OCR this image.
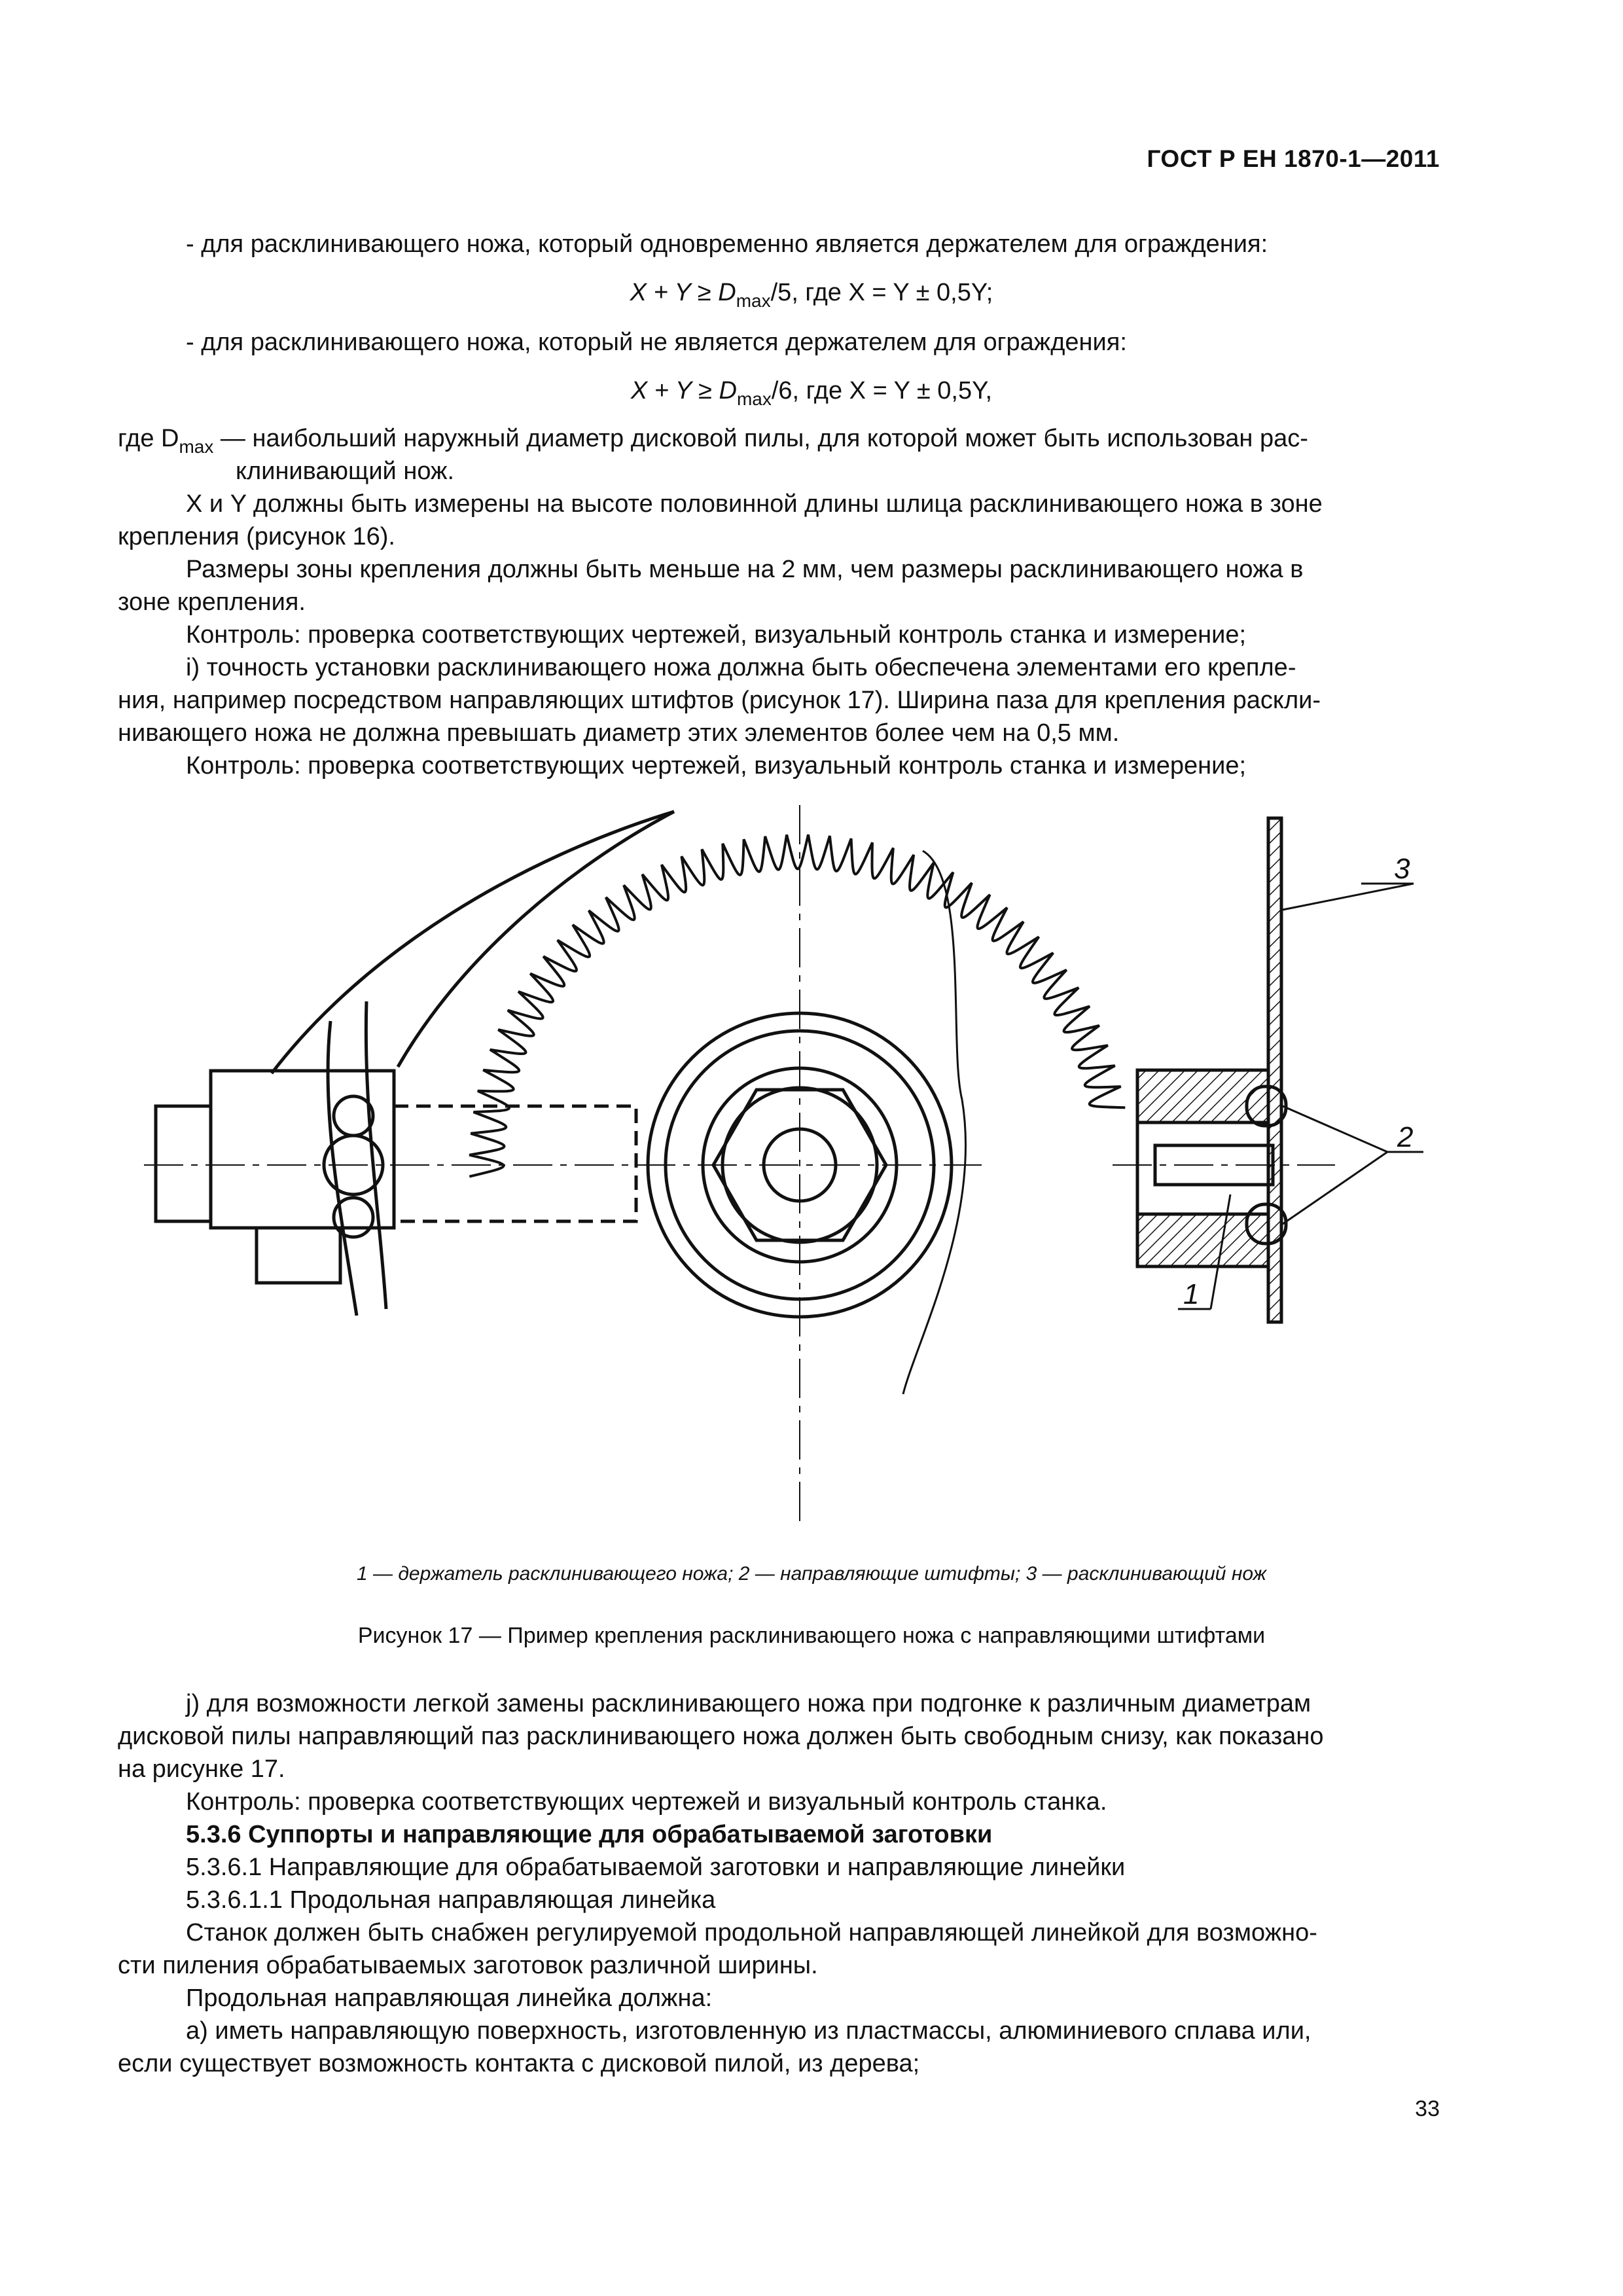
ГОСТ Р ЕН 1870-1—2011
- для расклинивающего ножа, который одновременно является держателем для ограждения:
$X + Y \ge D_{max}/5$, где X = Y ± 0,5Y;
- для расклинивающего ножа, который не является держателем для ограждения:
$X + Y \ge D_{max}/6$, где X = Y ± 0,5Y,
где $D_{max}$ — наибольший наружный диаметр дисковой пилы, для которой может быть использован рас-
клинивающий нож.
X и Y должны быть измерены на высоте половинной длины шлица расклинивающего ножа в зоне
крепления (рисунок 16).
Размеры зоны крепления должны быть меньше на 2 мм, чем размеры расклинивающего ножа в
зоне крепления.
Контроль: проверка соответствующих чертежей, визуальный контроль станка и измерение;
i) точность установки расклинивающего ножа должна быть обеспечена элементами его крепле-
ния, например посредством направляющих штифтов (рисунок 17). Ширина паза для крепления раскли-
нивающего ножа не должна превышать диаметр этих элементов более чем на 0,5 мм.
Контроль: проверка соответствующих чертежей, визуальный контроль станка и измерение;
3
2
1
1 — держатель расклинивающего ножа; 2 — направляющие штифты; 3 — расклинивающий нож
Рисунок 17 — Пример крепления расклинивающего ножа с направляющими штифтами
j) для возможности легкой замены расклинивающего ножа при подгонке к различным диаметрам
дисковой пилы направляющий паз расклинивающего ножа должен быть свободным снизу, как показано
на рисунке 17.
Контроль: проверка соответствующих чертежей и визуальный контроль станка.
5.3.6 Суппорты и направляющие для обрабатываемой заготовки
5.3.6.1 Направляющие для обрабатываемой заготовки и направляющие линейки
5.3.6.1.1 Продольная направляющая линейка
Станок должен быть снабжен регулируемой продольной направляющей линейкой для возможно-
сти пиления обрабатываемых заготовок различной ширины.
Продольная направляющая линейка должна:
а) иметь направляющую поверхность, изготовленную из пластмассы, алюминиевого сплава или,
если существует возможность контакта с дисковой пилой, из дерева;
33
